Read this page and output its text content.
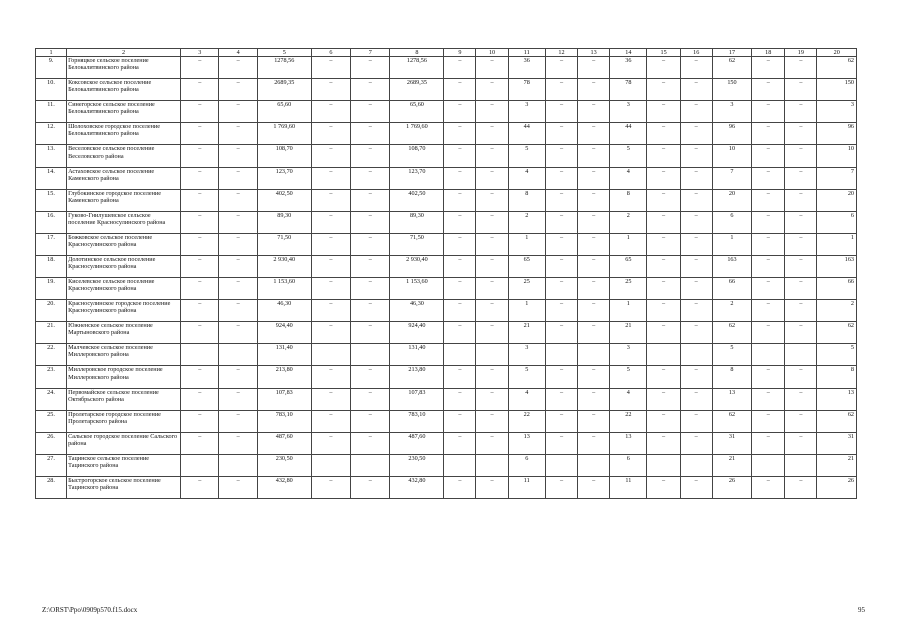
1	2	3	4	5	6	7	8	9	10	11	12	13	14	15	16	17	18	19	20
9.	Горняцкое сельское поселение Белокалитвинского района	–	–	1278,56	–	–	1278,56	–	–	36	–	–	36	–	–	62	–	–	62
10.	Коксовское сельское поселение Белокалитвинского района	–	–	2689,35	–	–	2689,35	–	–	78	–	–	78	–	–	150	–	–	150
11.	Синегорское сельское поселение Белокалитвинского района	–	–	65,60	–	–	65,60	–	–	3	–	–	3	–	–	3	–	–	3
12.	Шолоховское городское поселение Белокалитвинского района	–	–	1 769,60	–	–	1 769,60	–	–	44	–	–	44	–	–	96	–	–	96
13.	Веселовское сельское поселение Веселовского района	–	–	108,70	–	–	108,70	–	–	5	–	–	5	–	–	10	–	–	10
14.	Астаховское сельское поселение Каменского района	–	–	123,70	–	–	123,70	–	–	4	–	–	4	–	–	7	–	–	7
15.	Глубокинское городское поселение Каменского района	–	–	402,50	–	–	402,50	–	–	8	–	–	8	–	–	20	–	–	20
16.	Гуково-Гнилушевское сельское поселение Красносулинского района	–	–	89,30	–	–	89,30	–	–	2	–	–	2	–	–	6	–	–	6
17.	Божковское сельское поселение Красносулинского района	–	–	71,50	–	–	71,50	–	–	1	–	–	1	–	–	1	–	–	1
18.	Долотинское сельское поселение Красносулинского района	–	–	2 930,40	–	–	2 930,40	–	–	65	–	–	65	–	–	163	–	–	163
19.	Киселевское сельское поселение Красносулинского района	–	–	1 153,60	–	–	1 153,60	–	–	25	–	–	25	–	–	66	–	–	66
20.	Красносулинское городское поселение Красносулинского района	–	–	46,30	–	–	46,30	–	–	1	–	–	1	–	–	2	–	–	2
21.	Южненское сельское поселение Мартыновского района	–	–	924,40	–	–	924,40	–	–	21	–	–	21	–	–	62	–	–	62
22.	Малчевское сельское поселение Миллеровского района			131,40			131,40			3			3			5			5
23.	Миллеровское городское поселение Миллеровского района	–	–	213,80	–	–	213,80	–	–	5	–	–	5	–	–	8	–	–	8
24.	Первомайское сельское поселение Октябрьского района	–	–	107,83	–	–	107,83	–	–	4	–	–	4	–	–	13	–	–	13
25.	Пролетарское городское поселение Пролетарского района	–	–	783,10	–	–	783,10	–	–	22	–	–	22	–	–	62	–	–	62
26.	Сальское городское поселение Сальского района	–	–	487,60	–	–	487,60	–	–	13	–	–	13	–	–	31	–	–	31
27.	Тацинское сельское поселение Тацинского района			230,50			230,50			6			6			21			21
28.	Быстрогорское сельское поселение Тацинского района	–	–	432,80	–	–	432,80	–	–	11	–	–	11	–	–	26	–	–	26
Z:\ORST\Ppo\0909p570.f15.docx	95
